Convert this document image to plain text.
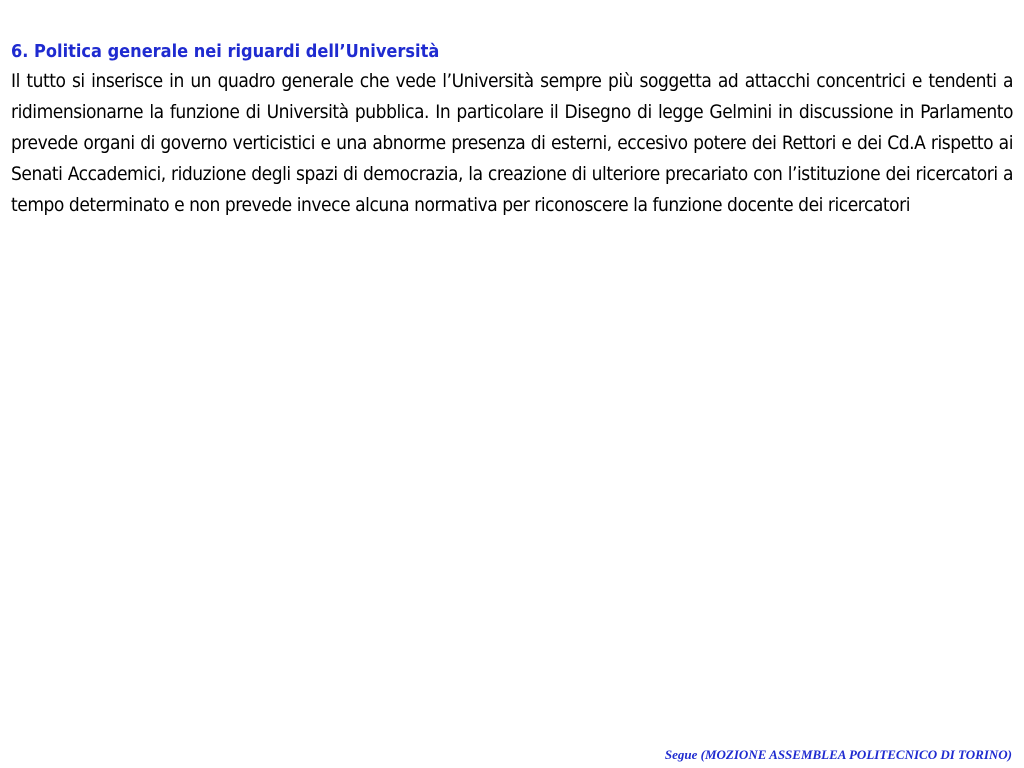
6. Politica generale nei riguardi dell’Università

Il tutto si inserisce in un quadro generale che vede l’Università sempre più soggetta ad attacchi concentrici e tendenti a ridimensionarne la funzione di Università pubblica. In particolare il Disegno di legge Gelmini in discussione in Parlamento prevede organi di governo verticistici e una abnorme presenza di esterni, eccesivo potere dei Rettori e dei Cd.A rispetto ai Senati Accademici, riduzione degli spazi di democrazia, la creazione di ulteriore precariato con l’istituzione dei ricercatori a tempo determinato e non prevede invece alcuna normativa per riconoscere la funzione docente dei ricercatori

Segue (MOZIONE ASSEMBLEA POLITECNICO DI TORINO)
